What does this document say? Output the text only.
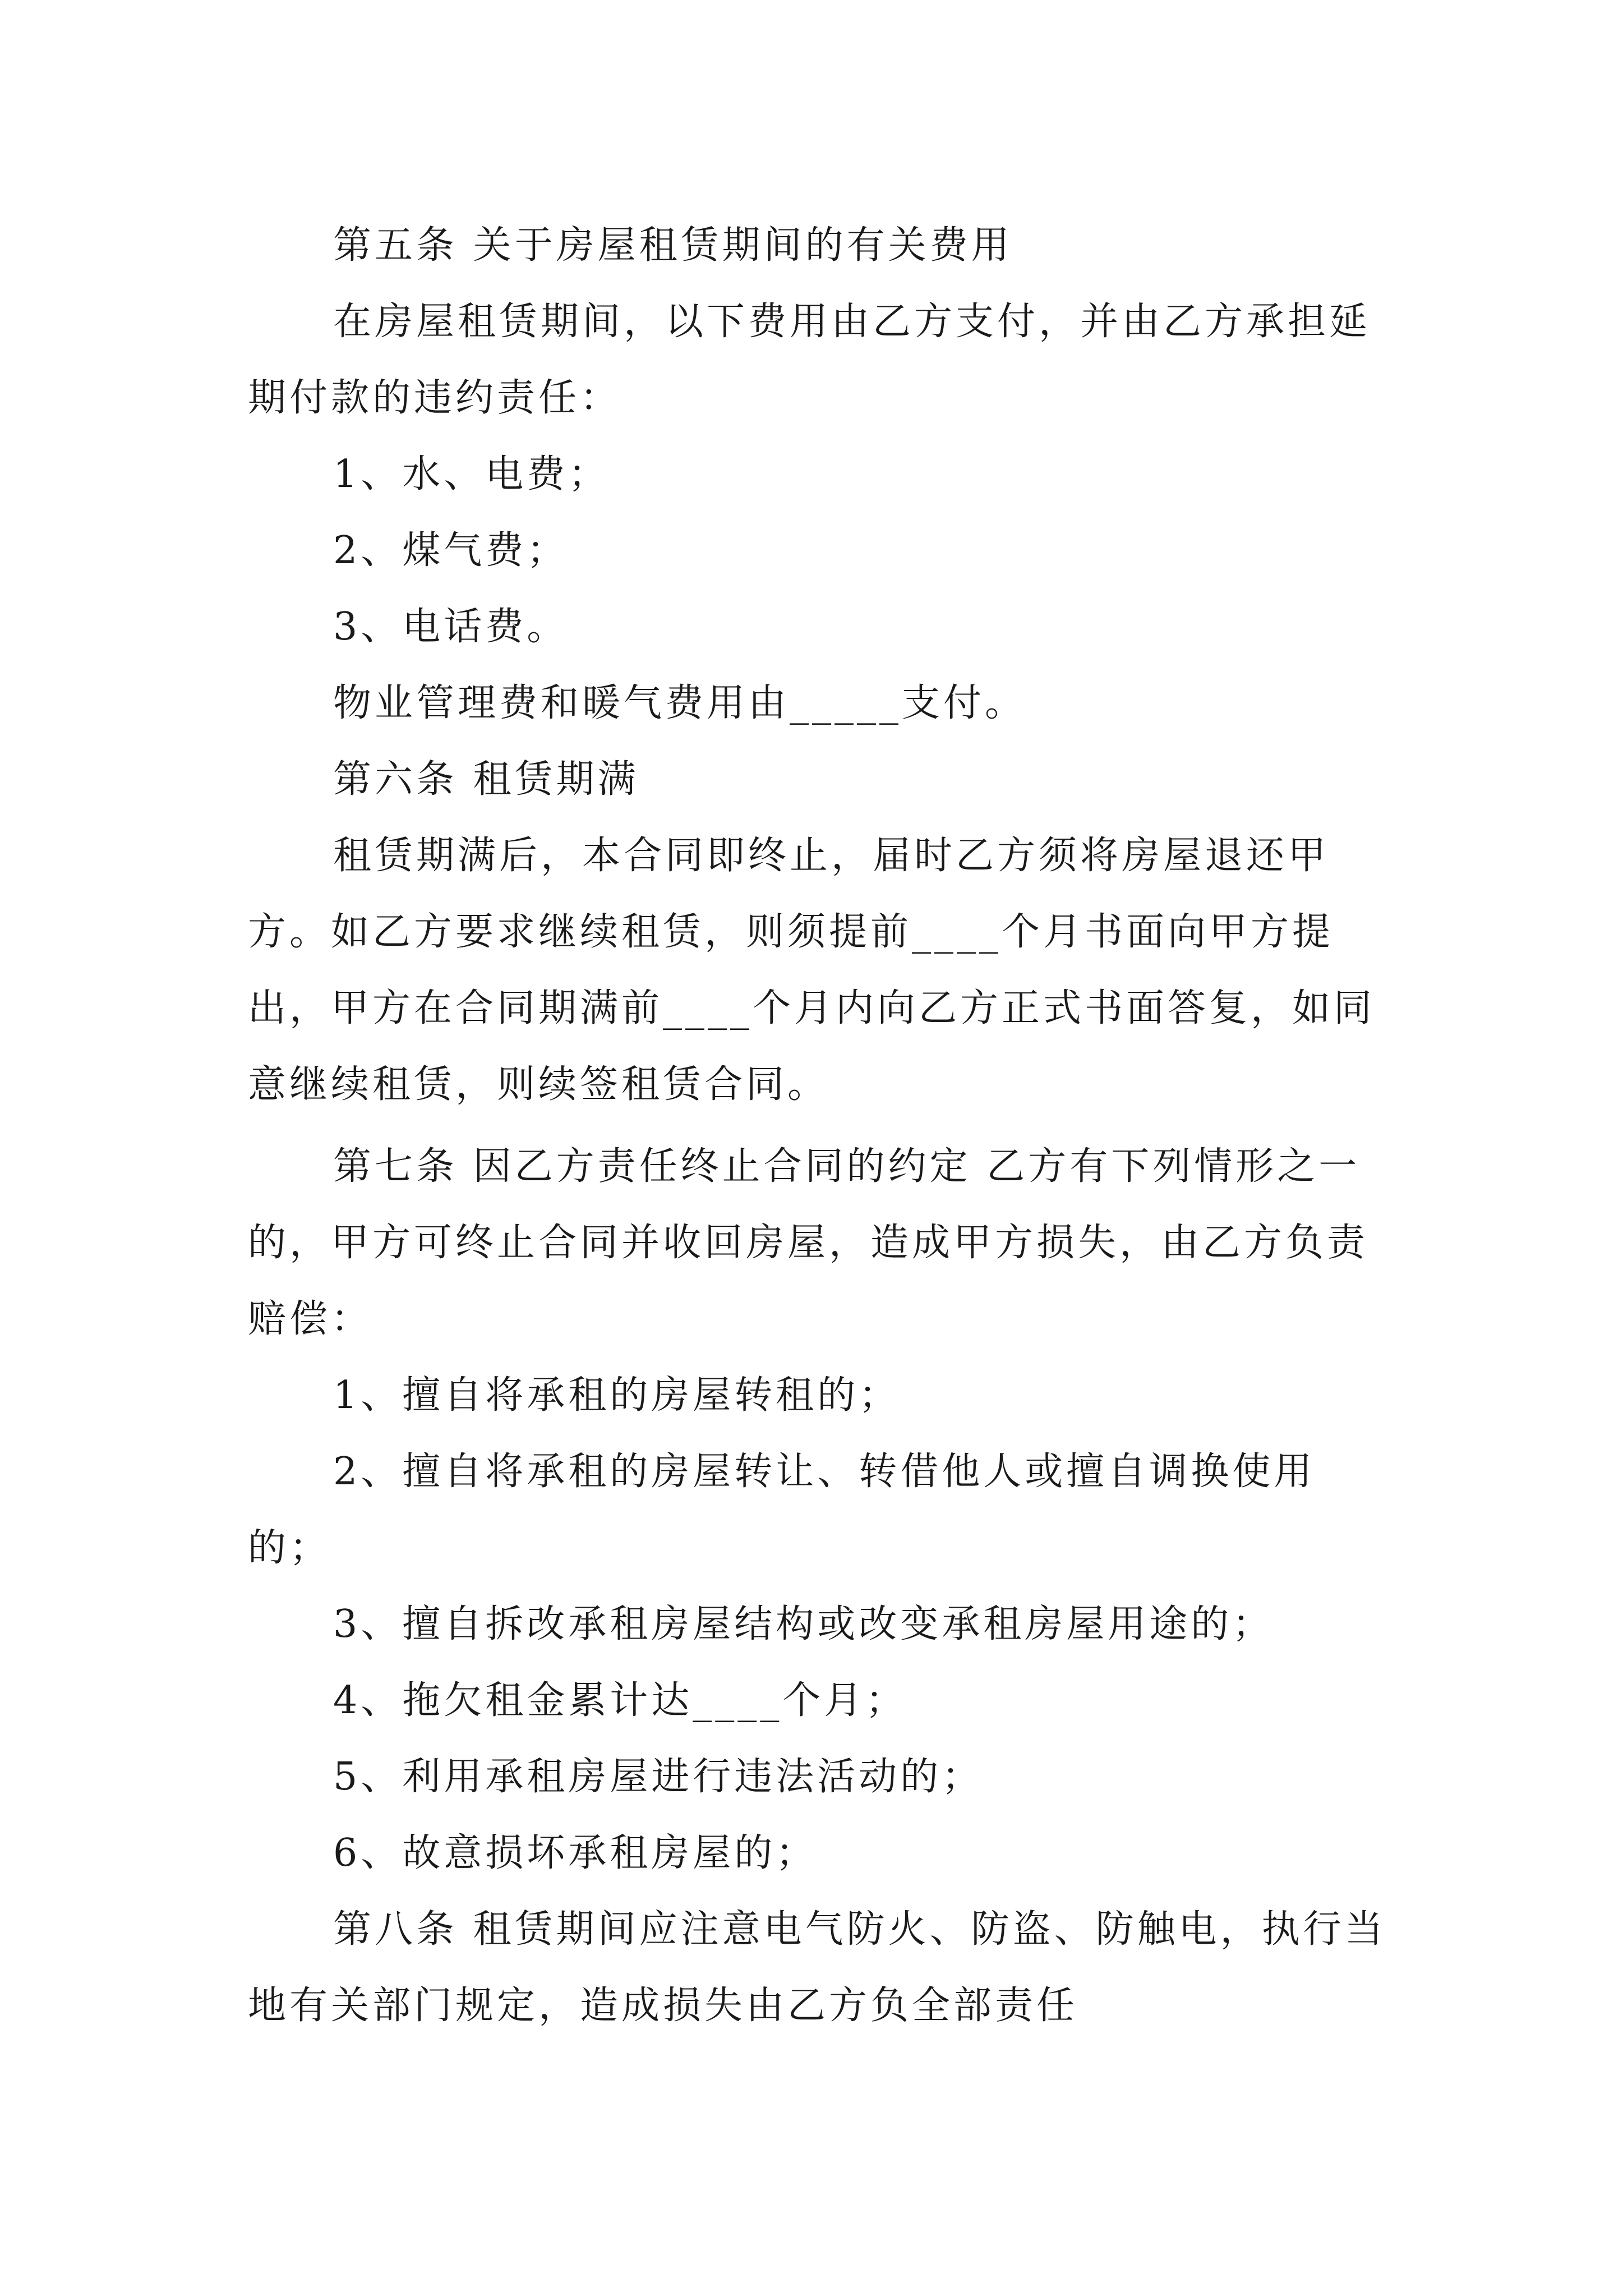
第五条 关于房屋租赁期间的有关费用

在房屋租赁期间，以下费用由乙方支付，并由乙方承担延期付款的违约责任：

1、水、电费；

2、煤气费；

3、电话费。

物业管理费和暖气费用由_____支付。

第六条 租赁期满

租赁期满后，本合同即终止，届时乙方须将房屋退还甲方。如乙方要求继续租赁，则须提前____个月书面向甲方提出，甲方在合同期满前____个月内向乙方正式书面答复，如同意继续租赁，则续签租赁合同。

第七条 因乙方责任终止合同的约定 乙方有下列情形之一的，甲方可终止合同并收回房屋，造成甲方损失，由乙方负责赔偿：

1、擅自将承租的房屋转租的；

2、擅自将承租的房屋转让、转借他人或擅自调换使用的；

3、擅自拆改承租房屋结构或改变承租房屋用途的；

4、拖欠租金累计达____个月；

5、利用承租房屋进行违法活动的；

6、故意损坏承租房屋的；

第八条 租赁期间应注意电气防火、防盗、防触电，执行当地有关部门规定，造成损失由乙方负全部责任
